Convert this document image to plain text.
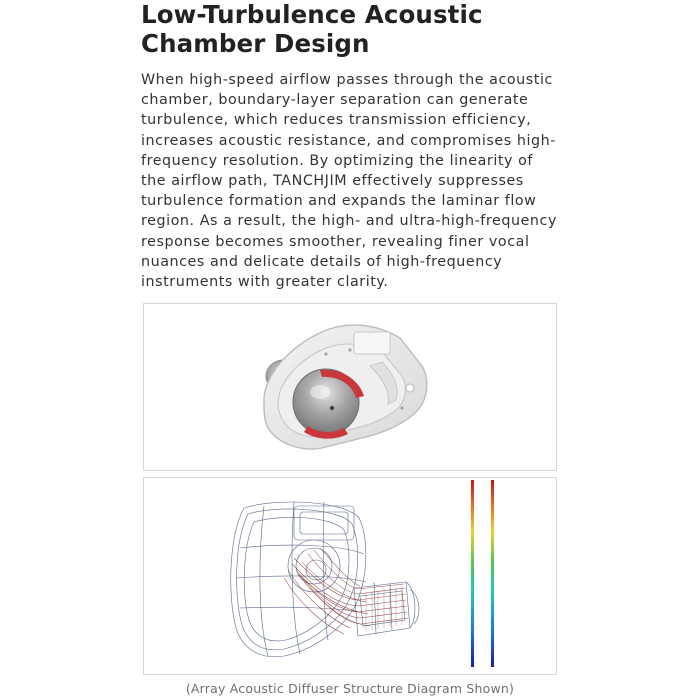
Low-Turbulence Acoustic Chamber Design

When high-speed airflow passes through the acoustic chamber, boundary-layer separation can generate turbulence, which reduces transmission efficiency, increases acoustic resistance, and compromises high-frequency resolution. By optimizing the linearity of the airflow path, TANCHJIM effectively suppresses turbulence formation and expands the laminar flow region. As a result, the high- and ultra-high-frequency response becomes smoother, revealing finer vocal nuances and delicate details of high-frequency instruments with greater clarity.

(Array Acoustic Diffuser Structure Diagram Shown)
